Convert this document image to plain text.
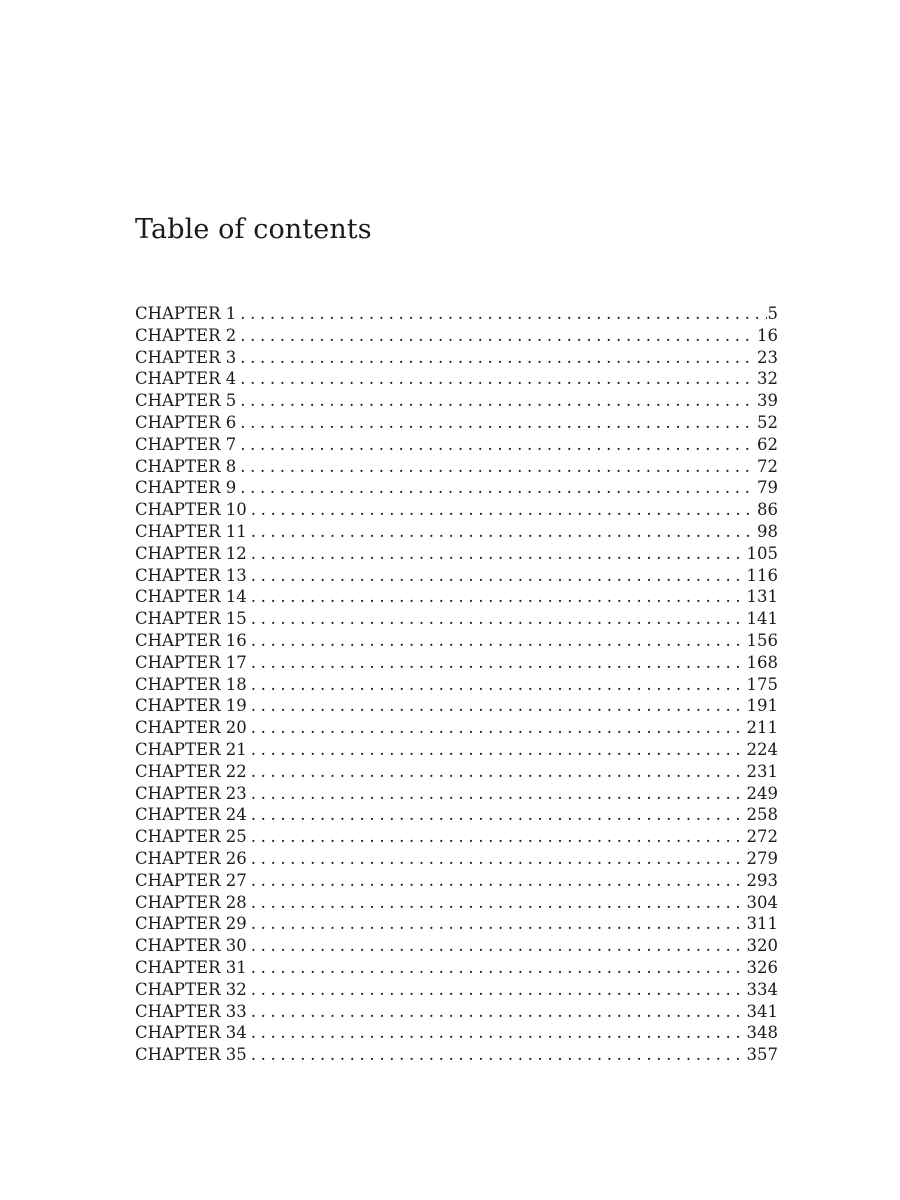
Table of contents
CHAPTER 1 . . .	5
CHAPTER 2 . . .	16
CHAPTER 3 . . .	23
CHAPTER 4 . . .	32
CHAPTER 5 . . .	39
CHAPTER 6 . . .	52
CHAPTER 7 . . .	62
CHAPTER 8 . . .	72
CHAPTER 9 . . .	79
CHAPTER 10 . . .	86
CHAPTER 11 . . .	98
CHAPTER 12 . . .	105
CHAPTER 13 . . .	116
CHAPTER 14 . . .	131
CHAPTER 15 . . .	141
CHAPTER 16 . . .	156
CHAPTER 17 . . .	168
CHAPTER 18 . . .	175
CHAPTER 19 . . .	191
CHAPTER 20 . . .	211
CHAPTER 21 . . .	224
CHAPTER 22 . . .	231
CHAPTER 23 . . .	249
CHAPTER 24 . . .	258
CHAPTER 25 . . .	272
CHAPTER 26 . . .	279
CHAPTER 27 . . .	293
CHAPTER 28 . . .	304
CHAPTER 29 . . .	311
CHAPTER 30 . . .	320
CHAPTER 31 . . .	326
CHAPTER 32 . . .	334
CHAPTER 33 . . .	341
CHAPTER 34 . . .	348
CHAPTER 35 . . .	357
